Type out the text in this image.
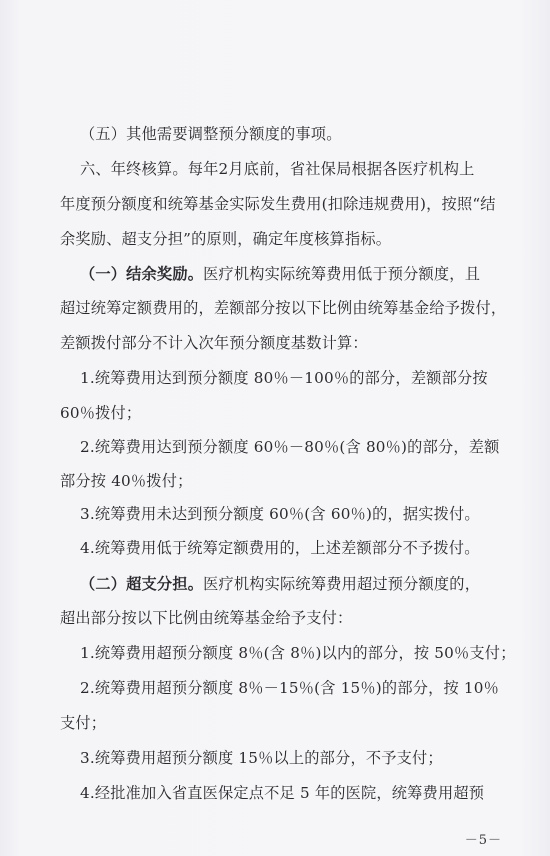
（五）其他需要调整预分额度的事项。
六、年终核算。每年2月底前，省社保局根据各医疗机构上
年度预分额度和统筹基金实际发生费用(扣除违规费用)，按照“结
余奖励、超支分担”的原则，确定年度核算指标。
（一）结余奖励。医疗机构实际统筹费用低于预分额度，且
超过统筹定额费用的，差额部分按以下比例由统筹基金给予拨付，
差额拨付部分不计入次年预分额度基数计算：
1.统筹费用达到预分额度 80％－100％的部分，差额部分按
60％拨付；
2.统筹费用达到预分额度 60％－80％(含 80％)的部分，差额
部分按 40％拨付；
3.统筹费用未达到预分额度 60％(含 60％)的，据实拨付。
4.统筹费用低于统筹定额费用的，上述差额部分不予拨付。
（二）超支分担。医疗机构实际统筹费用超过预分额度的，
超出部分按以下比例由统筹基金给予支付：
1.统筹费用超预分额度 8％(含 8％)以内的部分，按 50％支付；
2.统筹费用超预分额度 8％－15％(含 15％)的部分，按 10％
支付；
3.统筹费用超预分额度 15％以上的部分，不予支付；
4.经批准加入省直医保定点不足 5 年的医院，统筹费用超预
－5－
